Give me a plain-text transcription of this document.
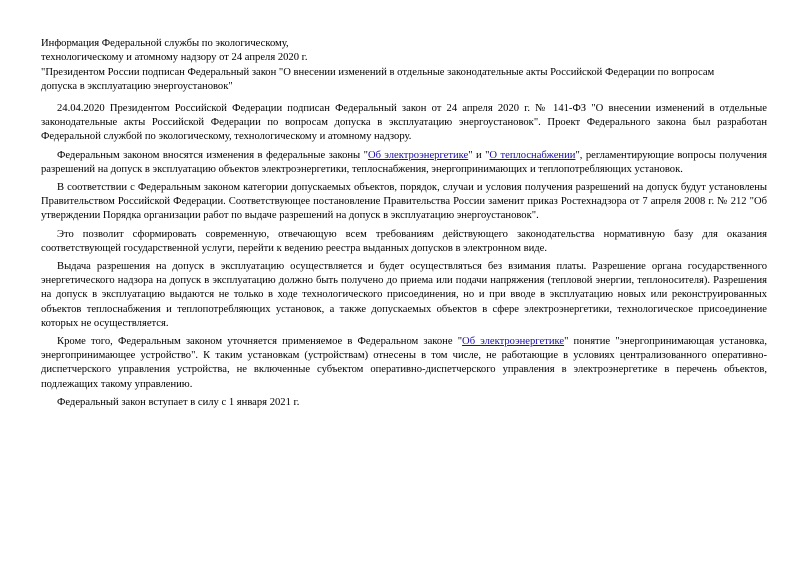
Информация Федеральной службы по экологическому,
технологическому и атомному надзору от 24 апреля 2020 г.
"Президентом России подписан Федеральный закон "О внесении изменений в отдельные законодательные акты Российской Федерации по вопросам
допуска в эксплуатацию энергоустановок"

24.04.2020 Президентом Российской Федерации подписан Федеральный закон от 24 апреля 2020 г. № 141-ФЗ "О внесении изменений в отдельные законодательные акты Российской Федерации по вопросам допуска в эксплуатацию энергоустановок". Проект Федерального закона был разработан Федеральной службой по экологическому, технологическому и атомному надзору.

Федеральным законом вносятся изменения в федеральные законы "Об электроэнергетике" и "О теплоснабжении", регламентирующие вопросы получения разрешений на допуск в эксплуатацию объектов электроэнергетики, теплоснабжения, энергопринимающих и теплопотребляющих установок.

В соответствии с Федеральным законом категории допускаемых объектов, порядок, случаи и условия получения разрешений на допуск будут установлены Правительством Российской Федерации. Соответствующее постановление Правительства России заменит приказ Ростехнадзора от 7 апреля 2008 г. № 212 "Об утверждении Порядка организации работ по выдаче разрешений на допуск в эксплуатацию энергоустановок".

Это позволит сформировать современную, отвечающую всем требованиям действующего законодательства нормативную базу для оказания соответствующей государственной услуги, перейти к ведению реестра выданных допусков в электронном виде.

Выдача разрешения на допуск в эксплуатацию осуществляется и будет осуществляться без взимания платы. Разрешение органа государственного энергетического надзора на допуск в эксплуатацию должно быть получено до приема или подачи напряжения (тепловой энергии, теплоносителя). Разрешения на допуск в эксплуатацию выдаются не только в ходе технологического присоединения, но и при вводе в эксплуатацию новых или реконструированных объектов теплоснабжения и теплопотребляющих установок, а также допускаемых объектов в сфере электроэнергетики, технологическое присоединение которых не осуществляется.

Кроме того, Федеральным законом уточняется применяемое в Федеральном законе "Об электроэнергетике" понятие "энергопринимающая установка, энергопринимающее устройство". К таким установкам (устройствам) отнесены в том числе, не работающие в условиях централизованного оперативно-диспетчерского управления устройства, не включенные субъектом оперативно-диспетчерского управления в электроэнергетике в перечень объектов, подлежащих такому управлению.

Федеральный закон вступает в силу с 1 января 2021 г.
